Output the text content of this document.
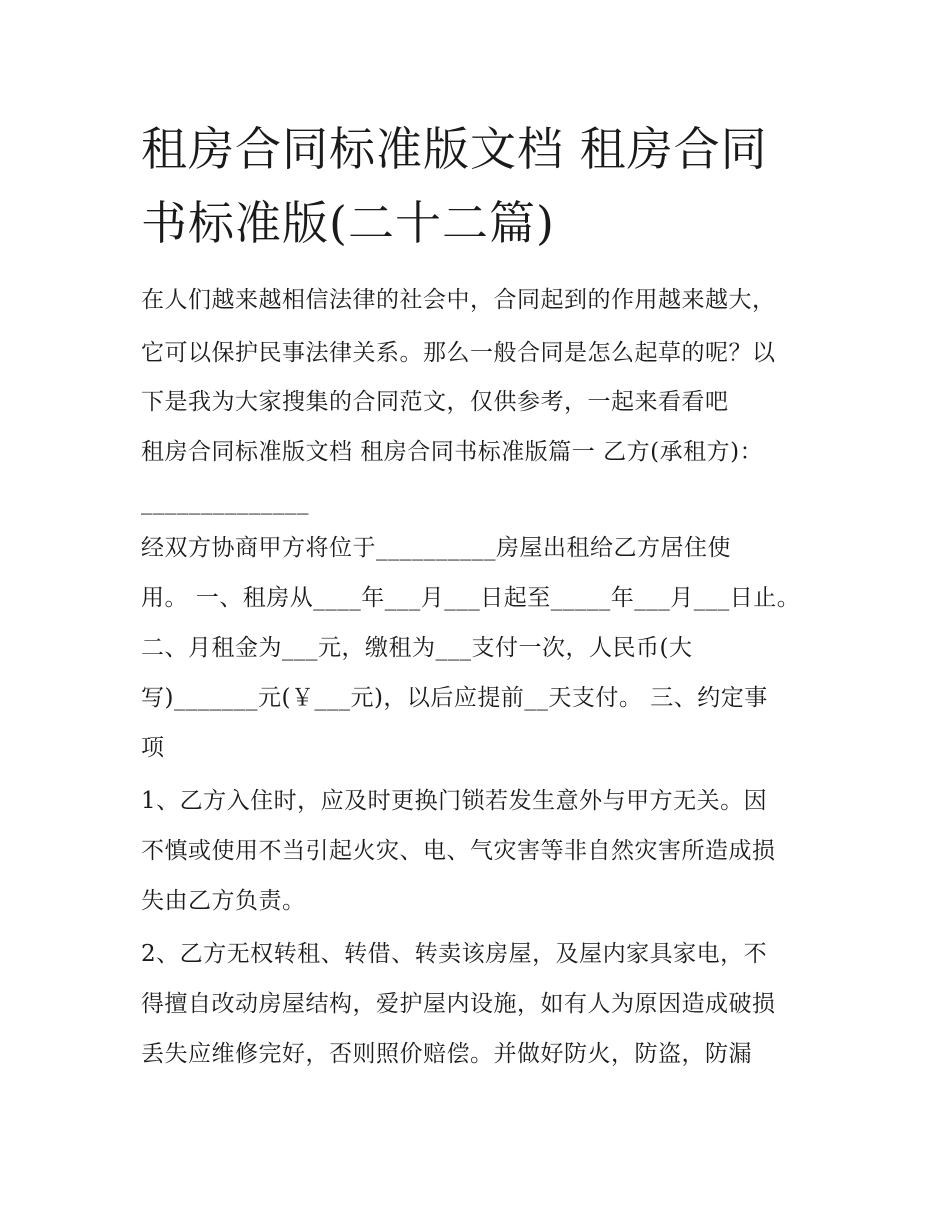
租房合同标准版文档 租房合同
书标准版(二十二篇)
在人们越来越相信法律的社会中，合同起到的作用越来越大，
它可以保护民事法律关系。那么一般合同是怎么起草的呢？以
下是我为大家搜集的合同范文，仅供参考，一起来看看吧
租房合同标准版文档 租房合同书标准版篇一 乙方(承租方)：
______________
经双方协商甲方将位于__________房屋出租给乙方居住使
用。 一、租房从____年___月___日起至_____年___月___日止。
二、月租金为___元，缴租为___支付一次，人民币(大
写)_______元(￥___元)，以后应提前__天支付。 三、约定事
项
1、乙方入住时，应及时更换门锁若发生意外与甲方无关。因
不慎或使用不当引起火灾、电、气灾害等非自然灾害所造成损
失由乙方负责。
2、乙方无权转租、转借、转卖该房屋，及屋内家具家电，不
得擅自改动房屋结构，爱护屋内设施，如有人为原因造成破损
丢失应维修完好，否则照价赔偿。并做好防火，防盗，防漏
